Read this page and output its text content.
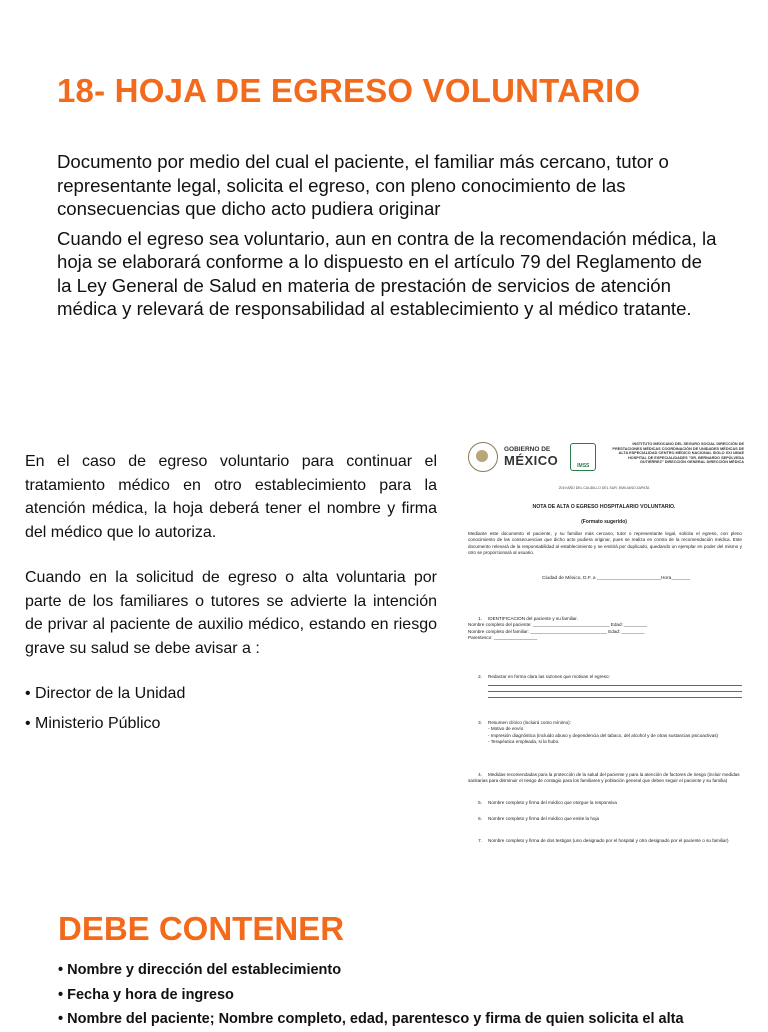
18- HOJA DE EGRESO VOLUNTARIO

Documento por medio del cual el paciente, el familiar más cercano, tutor o representante legal, solicita el egreso, con pleno conocimiento de las consecuencias que dicho acto pudiera originar

Cuando el egreso sea voluntario, aun en contra de la recomendación médica, la hoja se elaborará conforme a lo dispuesto en el artículo 79 del Reglamento de la Ley General de Salud en materia de prestación de servicios de atención médica y relevará de responsabilidad al establecimiento y al médico tratante.

En el caso de egreso voluntario para continuar el tratamiento médico en otro establecimiento para la atención médica, la hoja deberá tener el nombre y firma del médico que lo autoriza.

Cuando en la solicitud de egreso o alta voluntaria por parte de los familiares o tutores se advierte la intención de privar al paciente de auxilio médico, estando en riesgo grave su salud se debe avisar a :

• Director de la Unidad
• Ministerio Público
GOBIERNO DE
MÉXICO	IMSS
INSTITUTO MEXICANO DEL SEGURO SOCIAL DIRECCIÓN DE PRESTACIONES MÉDICAS COORDINACIÓN DE UNIDADES MÉDICAS DE ALTA ESPECIALIDAD CENTRO MÉDICO NACIONAL SIGLO XXI UMAE HOSPITAL DE ESPECIALIDADES "DR. BERNARDO SEPÚLVEDA GUTIÉRREZ" DIRECCIÓN GENERAL DIRECCIÓN MÉDICA
2019 AÑO DEL CAUDILLO DEL SUR, EMILIANO ZAPATA
NOTA DE ALTA O EGRESO HOSPITALARIO VOLUNTARIO.
(Formato sugerido)
Mediante este documento el paciente, y su familiar más cercano, tutor o representante legal, solicita el egreso, con pleno conocimiento de las consecuencias que dicho acto pudiera originar, pues se realiza en contra de la recomendación médica. Este documento relevará de la responsabilidad al establecimiento y se emitirá por duplicado, quedando un ejemplar en poder del mismo y otro se proporcionará al usuario.
Ciudad de México, D.F. a ________________________Hora_______
1. IDENTIFICACION del paciente y su familiar.
Nombre completo del paciente: ______________________________ Edad: _________
Nombre completo del familiar: ______________________________ Edad: _________
Parentesco: _________________
2. Redactar en forma clara las razones que motivan el egreso:
3. Resumen clínico (incluirá como mínimo):
- Motivo de envío
- Impresión diagnóstica (incluido abuso y dependencia del tabaco, del alcohol y de otras sustancias psicoactivas)
- Terapéutica empleada, si la hubo.
4. Medidas recomendadas para la protección de la salud del paciente y para la atención de factores de riesgo (incluir medidas sanitarias para disminuir el riesgo de contagio para los familiares y población general que deben seguir el paciente y su familia)
5. Nombre completo y firma del médico que otorgue la responsiva
6. Nombre completo y firma del médico que emite la hoja
7. Nombre completo y firma de dos testigos (uno designado por el hospital y otro designado por el paciente o su familiar)
DEBE CONTENER
• Nombre y dirección del establecimiento
• Fecha y hora de ingreso
• Nombre del paciente; Nombre completo, edad, parentesco y firma de quien solicita el alta
